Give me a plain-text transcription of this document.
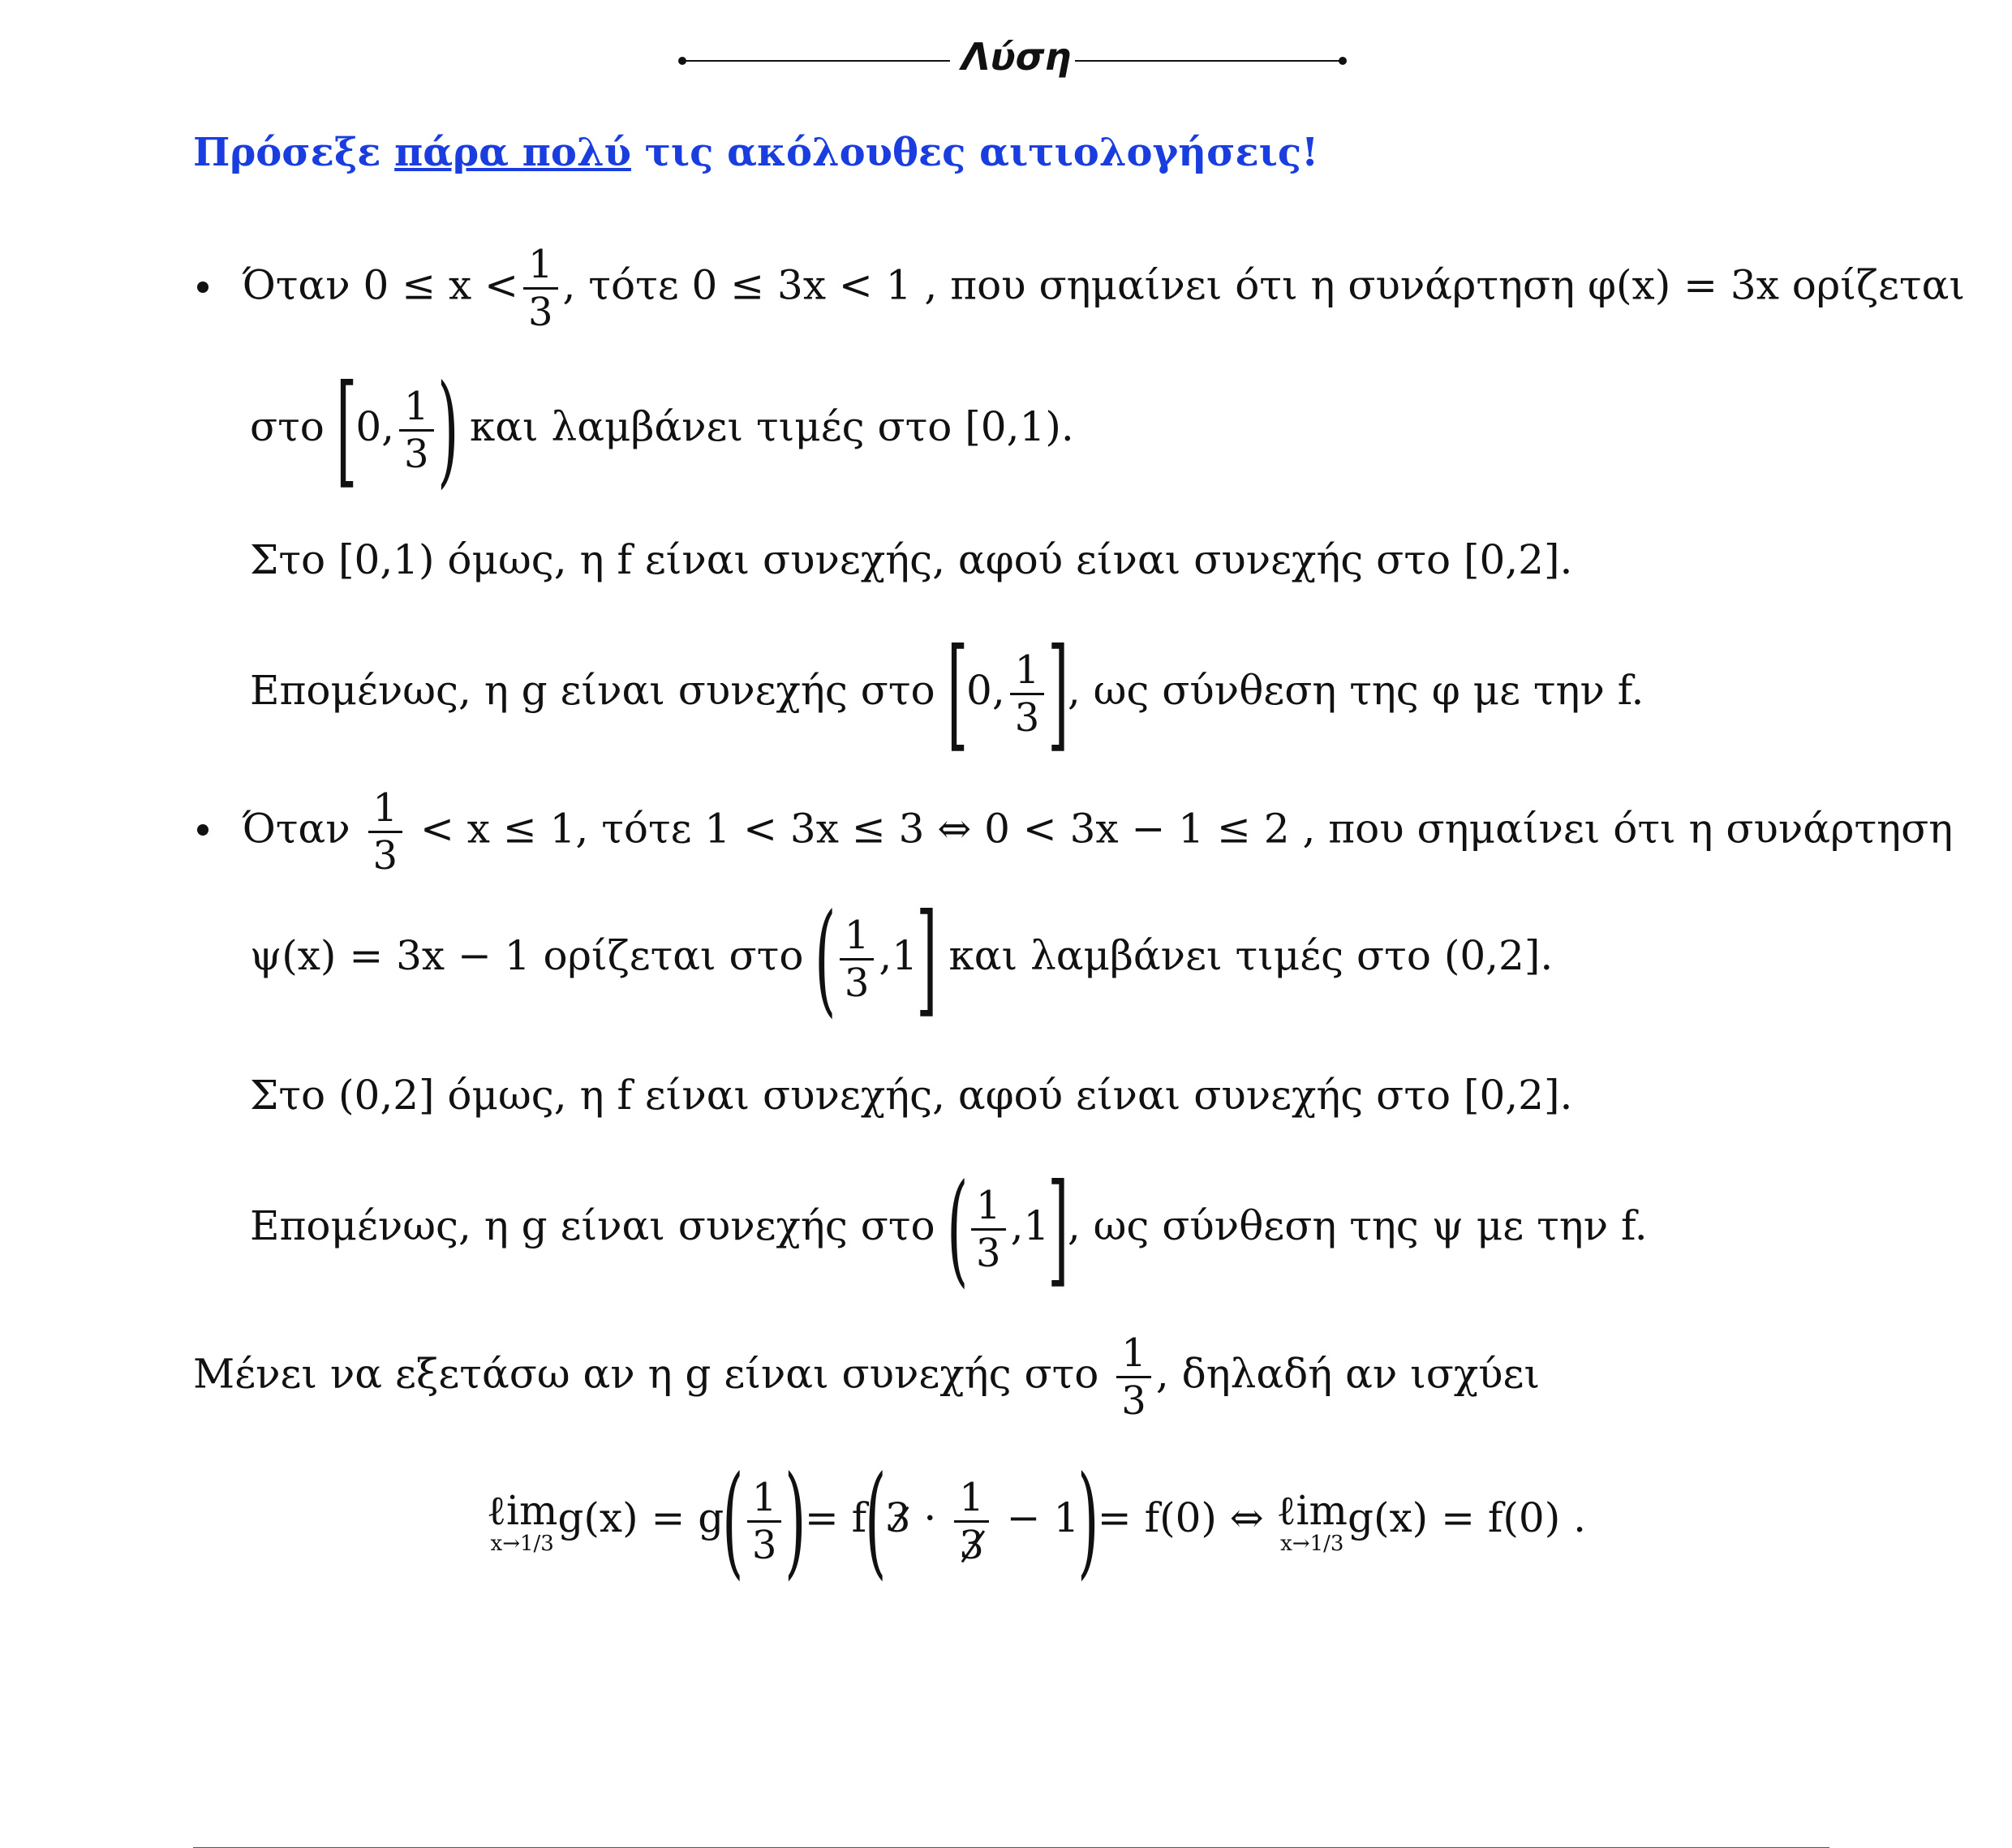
Λύση
Πρόσεξε πάρα πολύ τις ακόλουθες αιτιολογήσεις!
Όταν $0 \le x < \frac{1}{3}$ , τότε 0 ≤ 3x < 1 , που σημαίνει ότι η συνάρτηση φ(x) = 3x ορίζεται
στο [0, $\frac{1}{3}$ ) και λαμβάνει τιμές στο [0,1).
Στο [0,1) όμως, η f είναι συνεχής, αφού είναι συνεχής στο [0,2].
Επομένως, η g είναι συνεχής στο [0, $\frac{1}{3}$ ], ως σύνθεση της φ με την f.
Όταν $\frac{1}{3} < x \le 1$, τότε 1 < 3x ≤ 3 ⇔ 0 < 3x − 1 ≤ 2 , που σημαίνει ότι η συνάρτηση
ψ(x) = 3x − 1 ορίζεται στο ( $\frac{1}{3} ,1$] και λαμβάνει τιμές στο (0,2].
Στο (0,2] όμως, η f είναι συνεχής, αφού είναι συνεχής στο [0,2].
Επομένως, η g είναι συνεχής στο ( $\frac{1}{3} ,1$], ως σύνθεση της ψ με την f.
Μένει να εξετάσω αν η g είναι συνεχής στο $\frac{1}{3}$ , δηλαδή αν ισχύει
ℓim
x→1/3
$g(x) = g( \frac{1}{3}$ )= $f(3 \cdot \frac{1}{3} - 1)= f(0)$ ⇔ ℓim
x→1/3
g(x) = f(0) .
